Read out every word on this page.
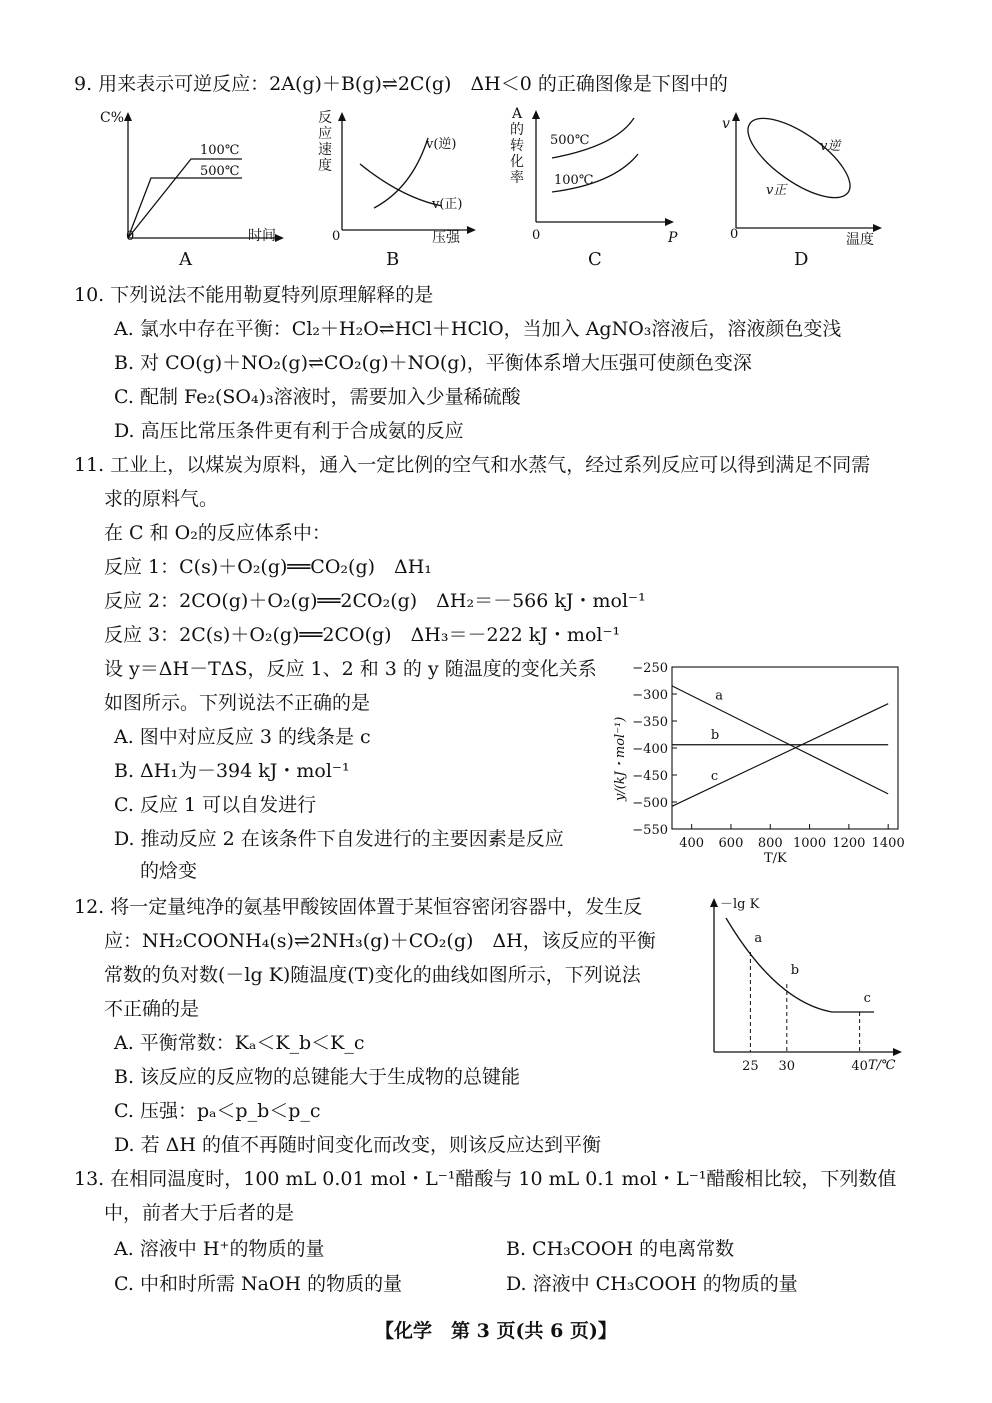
9. 用来表示可逆反应：2A(g)＋B(g)⇌2C(g)　ΔH＜0 的正确图像是下图中的
C%
100℃
500℃
0	时间
A
反应速度
v(逆)
v(正)
0	压强
B
A 的转化率
500℃
100℃
0	P
C
v
v逆
v正
0	温度
D
10. 下列说法不能用勒夏特列原理解释的是
A. 氯水中存在平衡：Cl₂＋H₂O⇌HCl＋HClO，当加入 AgNO₃溶液后，溶液颜色变浅
B. 对 CO(g)＋NO₂(g)⇌CO₂(g)＋NO(g)，平衡体系增大压强可使颜色变深
C. 配制 Fe₂(SO₄)₃溶液时，需要加入少量稀硫酸
D. 高压比常压条件更有利于合成氨的反应
11. 工业上，以煤炭为原料，通入一定比例的空气和水蒸气，经过系列反应可以得到满足不同需
求的原料气。
在 C 和 O₂的反应体系中：
反应 1：C(s)＋O₂(g)══CO₂(g)　ΔH₁
反应 2：2CO(g)＋O₂(g)══2CO₂(g)　ΔH₂＝－566 kJ・mol⁻¹
反应 3：2C(s)＋O₂(g)══2CO(g)　ΔH₃＝－222 kJ・mol⁻¹
设 y＝ΔH－TΔS，反应 1、2 和 3 的 y 随温度的变化关系
如图所示。下列说法不正确的是
A. 图中对应反应 3 的线条是 c
B. ΔH₁为－394 kJ・mol⁻¹
C. 反应 1 可以自发进行
D. 推动反应 2 在该条件下自发进行的主要因素是反应
的焓变
−250
−300
−350
−400
−450
−500
−550
400 600 800 1000 1200 1400
a
b
c
y/(kJ・mol⁻¹)
T/K
12. 将一定量纯净的氨基甲酸铵固体置于某恒容密闭容器中，发生反
应：NH₂COONH₄(s)⇌2NH₃(g)＋CO₂(g)　ΔH，该反应的平衡
常数的负对数(－lg K)随温度(T)变化的曲线如图所示，下列说法
不正确的是
A. 平衡常数：Kₐ＜K_b＜K_c
B. 该反应的反应物的总键能大于生成物的总键能
C. 压强：pₐ＜p_b＜p_c
D. 若 ΔH 的值不再随时间变化而改变，则该反应达到平衡
a
25
b
30
c
40
－lg K
T/℃
13. 在相同温度时，100 mL 0.01 mol・L⁻¹醋酸与 10 mL 0.1 mol・L⁻¹醋酸相比较，下列数值
中，前者大于后者的是
A. 溶液中 H⁺的物质的量	B. CH₃COOH 的电离常数
C. 中和时所需 NaOH 的物质的量	D. 溶液中 CH₃COOH 的物质的量
【化学　第 3 页(共 6 页)】
